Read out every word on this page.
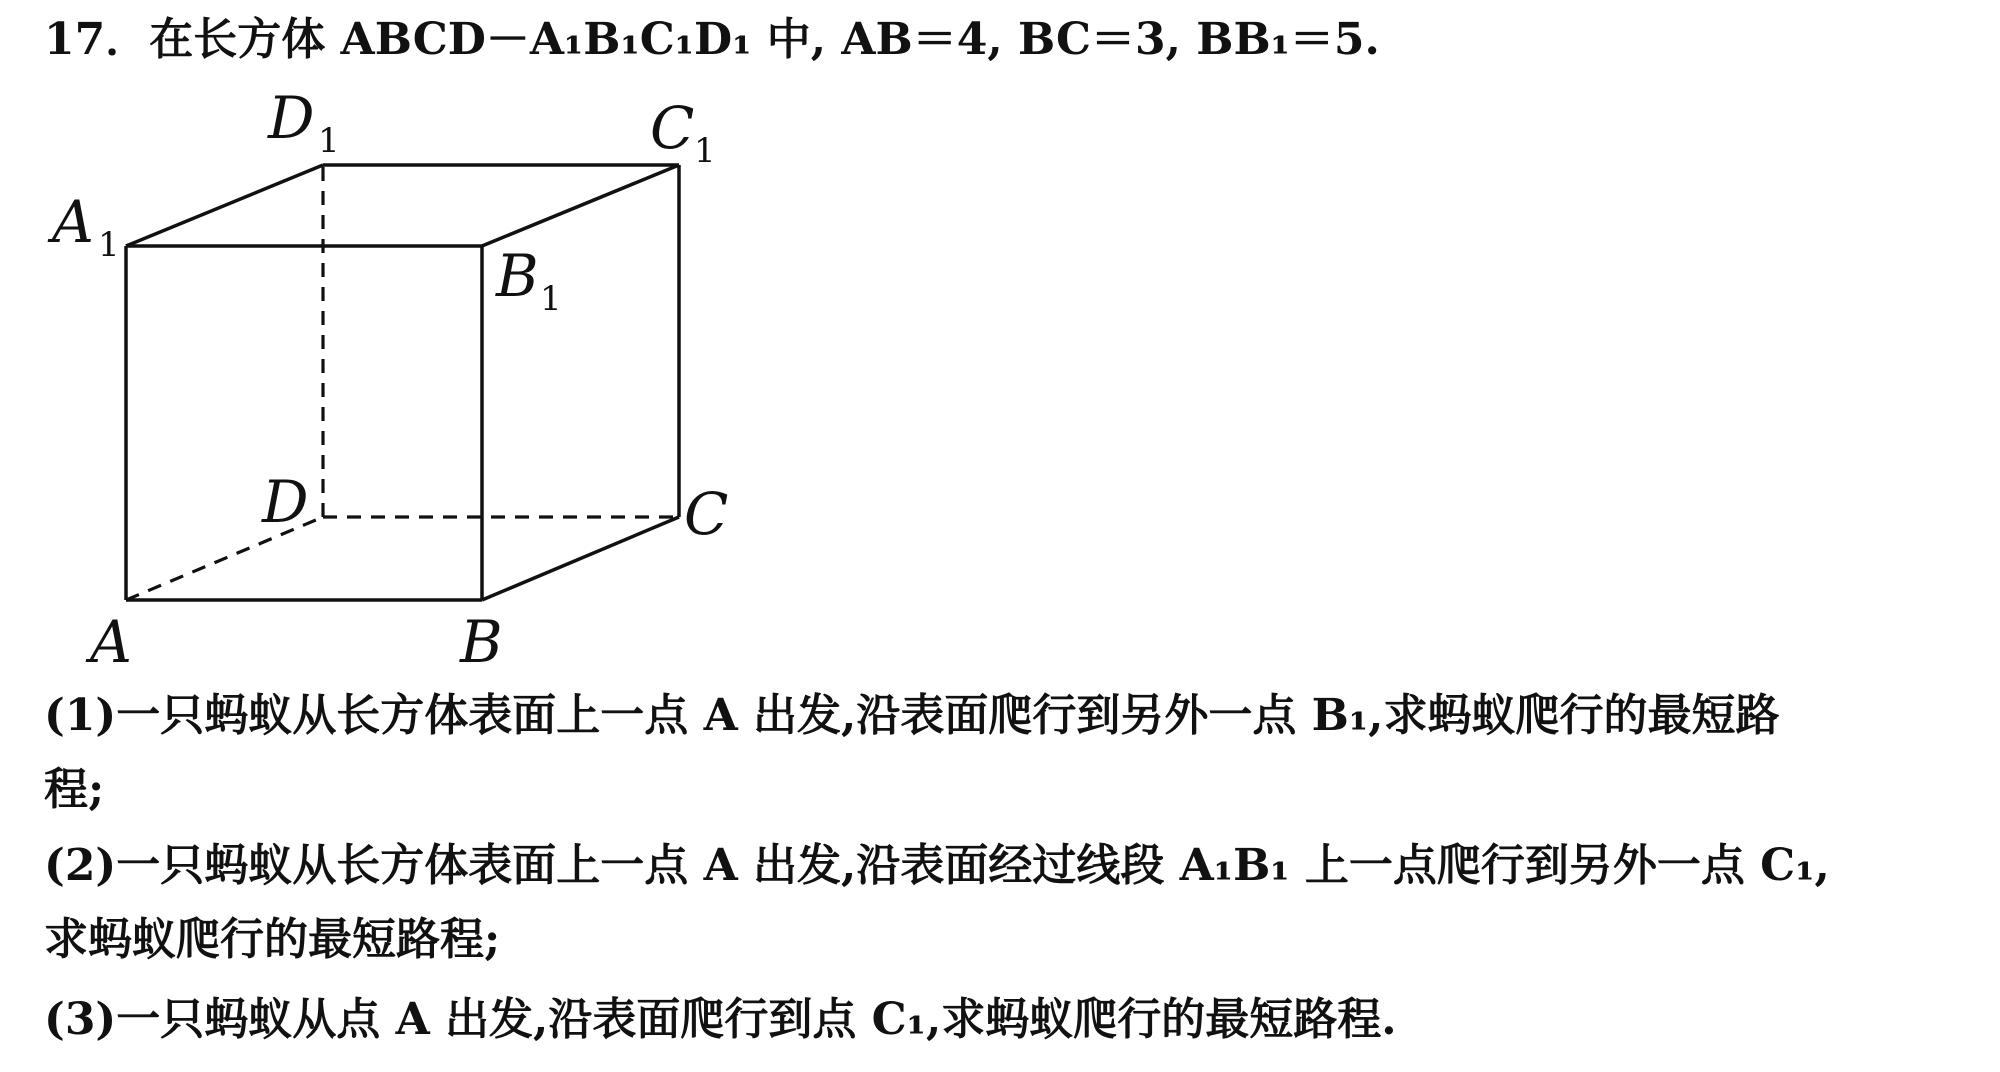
17．在长方体 ABCD－A₁B₁C₁D₁ 中, AB＝4, BC＝3, BB₁＝5.
A	B
C
D
A 1	B 1
C 1
D 1
(1)一只蚂蚁从长方体表面上一点 A 出发,沿表面爬行到另外一点 B₁,求蚂蚁爬行的最短路
程;
(2)一只蚂蚁从长方体表面上一点 A 出发,沿表面经过线段 A₁B₁ 上一点爬行到另外一点 C₁,
求蚂蚁爬行的最短路程;
(3)一只蚂蚁从点 A 出发,沿表面爬行到点 C₁,求蚂蚁爬行的最短路程.
